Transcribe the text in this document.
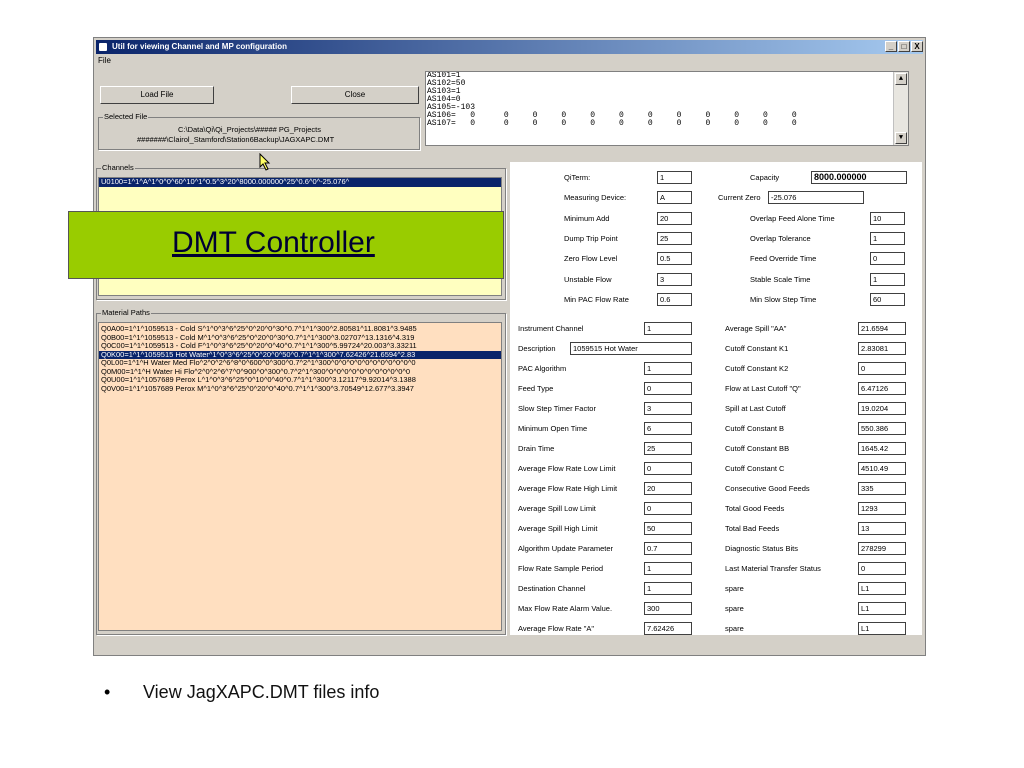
Util for viewing Channel and MP configuration	_	□ X
File
Load File	Close
Selected File
C:\Data\Qi\Qi_Projects\##### PG_Projects
#######\Clairol_Stamford\Station6Backup\JAGXAPC.DMT
AS101=1
AS102=50
AS103=1
AS104=0
AS105=-103
AS106=   0      0     0     0     0     0     0     0     0     0     0     0
AS107=   0      0     0     0     0     0     0     0     0     0     0     0
▲
▼
Channels
U0100=1^1^A^1^0^0^60^10^1^0.5^3^20^8000.000000^25^0.6^0^-25.076^
Material Paths
Q0A00=1^1^1059513 - Cold S^1^0^3^6^25^0^20^0^30^0.7^1^1^300^2.80581^11.8081^3.9485
Q0B00=1^1^1059513 - Cold M^1^0^3^6^25^0^20^0^30^0.7^1^1^300^3.02707^13.1316^4.319
Q0C00=1^1^1059513 - Cold F^1^0^3^6^25^0^20^0^40^0.7^1^1^300^5.99724^20.003^3.33211
Q0K00=1^1^1059515 Hot Water^1^0^3^6^25^0^20^0^50^0.7^1^1^300^7.62426^21.6594^2.83
Q0L00=1^1^H Water Med Flo^2^0^2^6^8^0^600^0^300^0.7^2^1^300^0^0^0^0^0^0^0^0^0^0^0
Q0M00=1^1^H Water Hi Flo^2^0^2^6^7^0^900^0^300^0.7^2^1^300^0^0^0^0^0^0^0^0^0^0^0
Q0U00=1^1^1057689 Perox L^1^0^3^6^25^0^10^0^40^0.7^1^1^300^3.12117^9.92014^3.1388
Q0V00=1^1^1057689 Perox M^1^0^3^6^25^0^20^0^40^0.7^1^1^300^3.70549^12.677^3.3947
QiTerm:	1
Measuring Device:	A
Minimum Add	20
Dump Trip Point	25
Zero Flow Level	0.5
Unstable Flow	3
Min PAC Flow Rate	0.6
Capacity	8000.000000
Current Zero	-25.076
Overlap Feed Alone Time	10
Overlap Tolerance	1
Feed Override Time	0
Stable Scale Time	1
Min Slow Step Time	60
Instrument Channel	1
Description	1059515 Hot Water
PAC Algorithm	1
Feed Type	0
Slow Step Timer Factor	3
Minimum Open Time	6
Drain Time	25
Average Flow Rate Low Limit	0
Average Flow Rate High Limit	20
Average Spill Low Limit	0
Average Spill High Limit	50
Algorithm Update Parameter	0.7
Flow Rate Sample Period	1
Destination Channel	1
Max Flow Rate Alarm Value.	300
Average Flow Rate "A"	7.62426
Average Spill "AA"	21.6594
Cutoff Constant K1	2.83081
Cutoff Constant K2	0
Flow at Last Cutoff "Q"	6.47126
Spill at Last Cutoff	19.0204
Cutoff Constant B	550.386
Cutoff Constant BB	1645.42
Cutoff Constant C	4510.49
Consecutive Good Feeds	335
Total Good Feeds	1293
Total Bad Feeds	13
Diagnostic Status Bits	278299
Last Material Transfer Status	0
spare	L1
spare	L1
spare	L1
DMT Controller
• View JagXAPC.DMT files info
